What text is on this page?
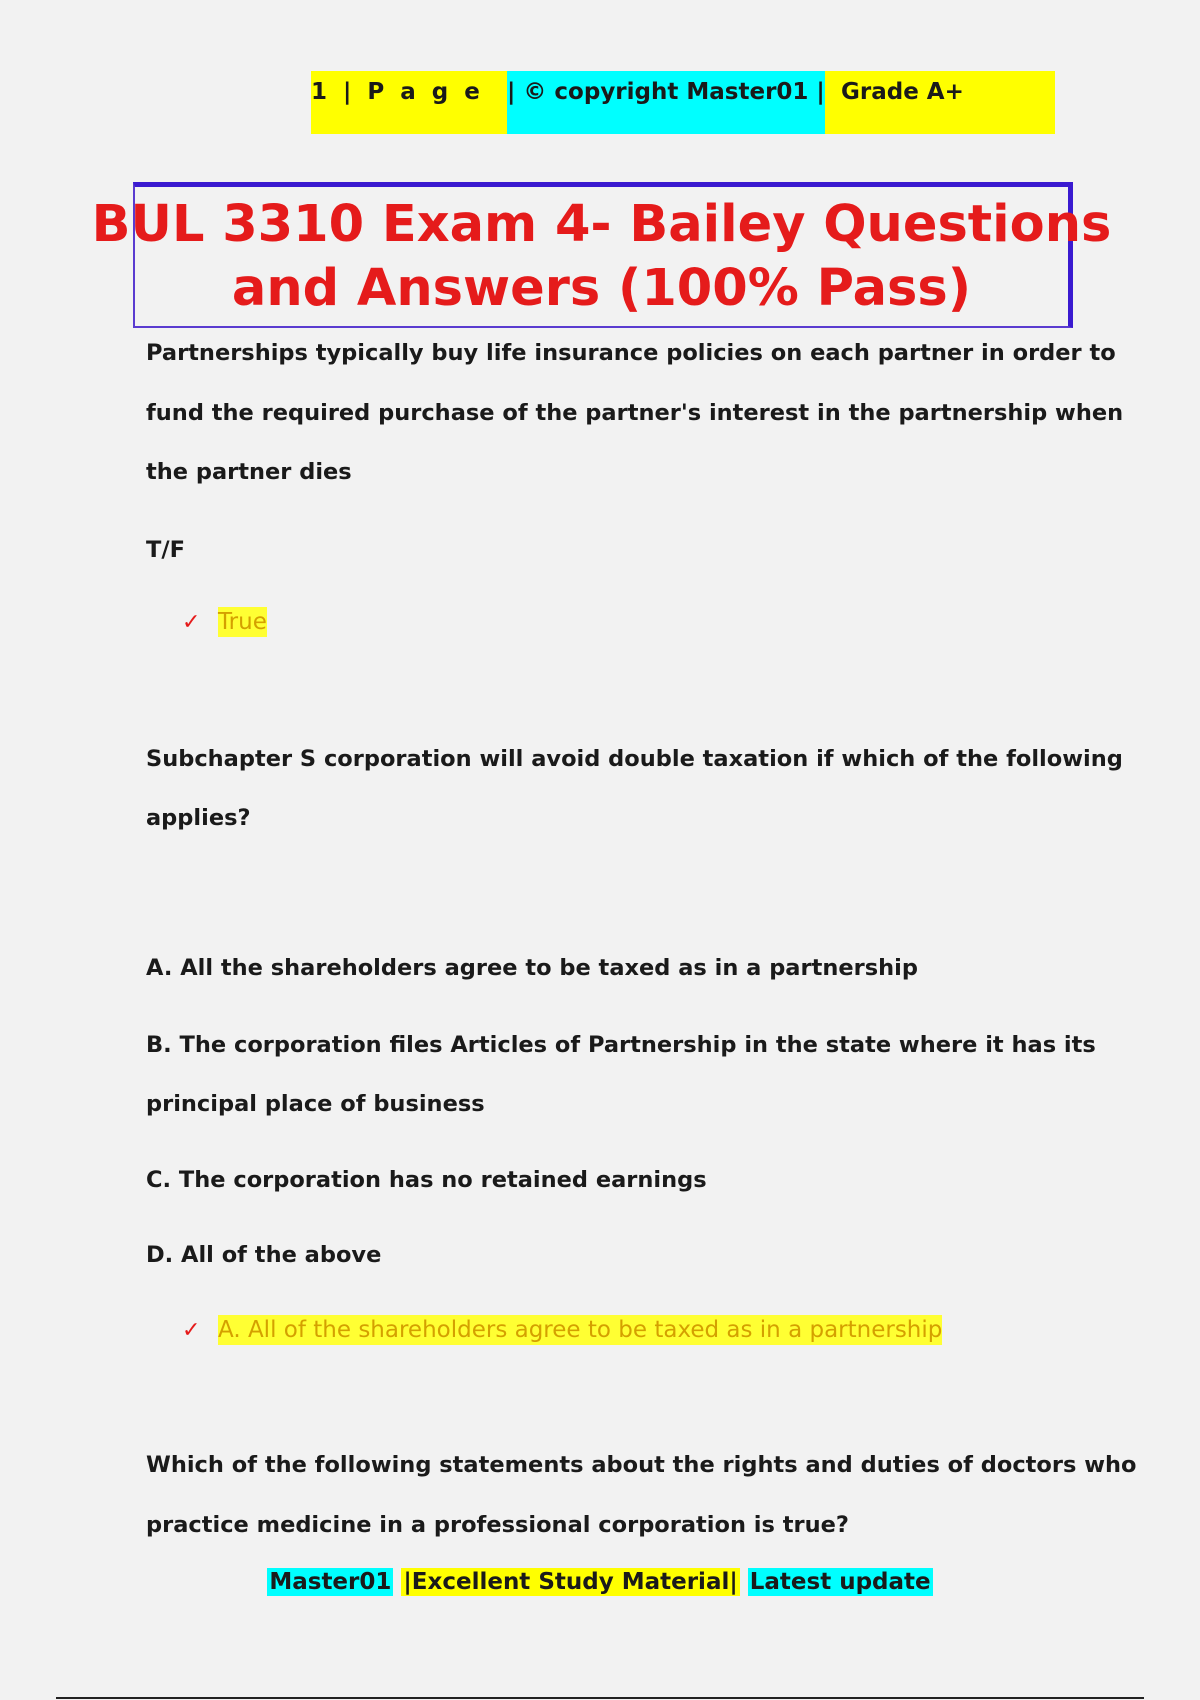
1 | P a g e	| © copyright Master01 | Grade A+
BUL 3310 Exam 4- Bailey Questions
and Answers (100% Pass)
Partnerships typically buy life insurance policies on each partner in order to
fund the required purchase of the partner's interest in the partnership when
the partner dies
T/F
✓ True
Subchapter S corporation will avoid double taxation if which of the following
applies?
A. All the shareholders agree to be taxed as in a partnership
B. The corporation files Articles of Partnership in the state where it has its
principal place of business
C. The corporation has no retained earnings
D. All of the above
✓ A. All of the shareholders agree to be taxed as in a partnership
Which of the following statements about the rights and duties of doctors who
practice medicine in a professional corporation is true?
Master01 |Excellent Study Material| Latest update
